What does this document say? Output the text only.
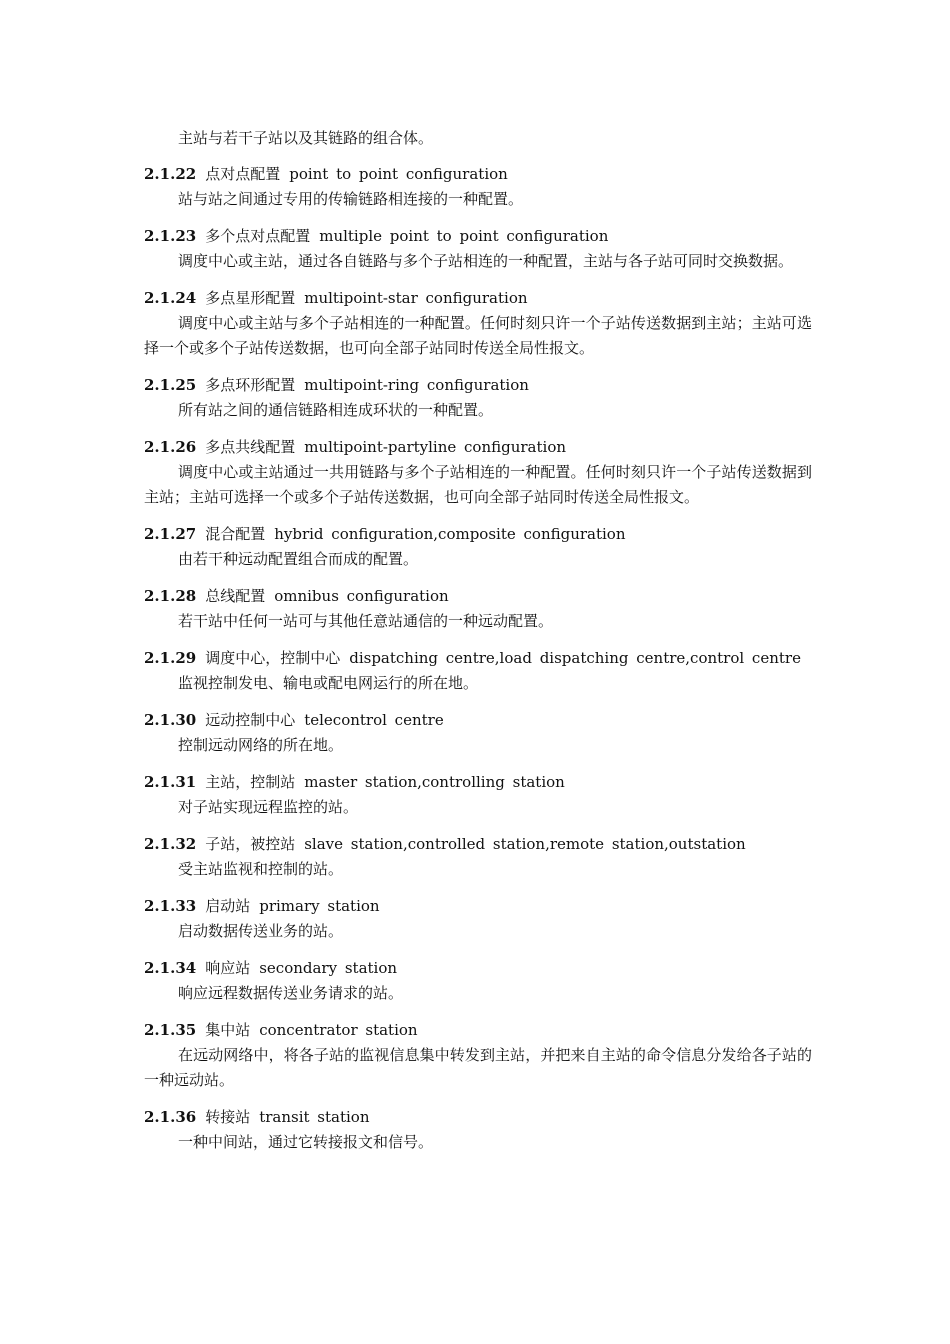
主站与若干子站以及其链路的组合体。

2.1.22 点对点配置 point to point configuration

站与站之间通过专用的传输链路相连接的一种配置。

2.1.23 多个点对点配置 multiple point to point configuration

调度中心或主站，通过各自链路与多个子站相连的一种配置，主站与各子站可同时交换数据。

2.1.24 多点星形配置 multipoint-star configuration

调度中心或主站与多个子站相连的一种配置。任何时刻只许一个子站传送数据到主站；主站可选择一个或多个子站传送数据，也可向全部子站同时传送全局性报文。

2.1.25 多点环形配置 multipoint-ring configuration

所有站之间的通信链路相连成环状的一种配置。

2.1.26 多点共线配置 multipoint-partyline configuration

调度中心或主站通过一共用链路与多个子站相连的一种配置。任何时刻只许一个子站传送数据到主站；主站可选择一个或多个子站传送数据，也可向全部子站同时传送全局性报文。

2.1.27 混合配置 hybrid configuration,composite configuration

由若干种远动配置组合而成的配置。

2.1.28 总线配置 omnibus configuration

若干站中任何一站可与其他任意站通信的一种远动配置。

2.1.29 调度中心，控制中心 dispatching centre,load dispatching centre,control centre

监视控制发电、输电或配电网运行的所在地。

2.1.30 远动控制中心 telecontrol centre

控制远动网络的所在地。

2.1.31 主站，控制站 master station,controlling station

对子站实现远程监控的站。

2.1.32 子站，被控站 slave station,controlled station,remote station,outstation

受主站监视和控制的站。

2.1.33 启动站 primary station

启动数据传送业务的站。

2.1.34 响应站 secondary station

响应远程数据传送业务请求的站。

2.1.35 集中站 concentrator station

在远动网络中，将各子站的监视信息集中转发到主站，并把来自主站的命令信息分发给各子站的一种远动站。

2.1.36 转接站 transit station

一种中间站，通过它转接报文和信号。
